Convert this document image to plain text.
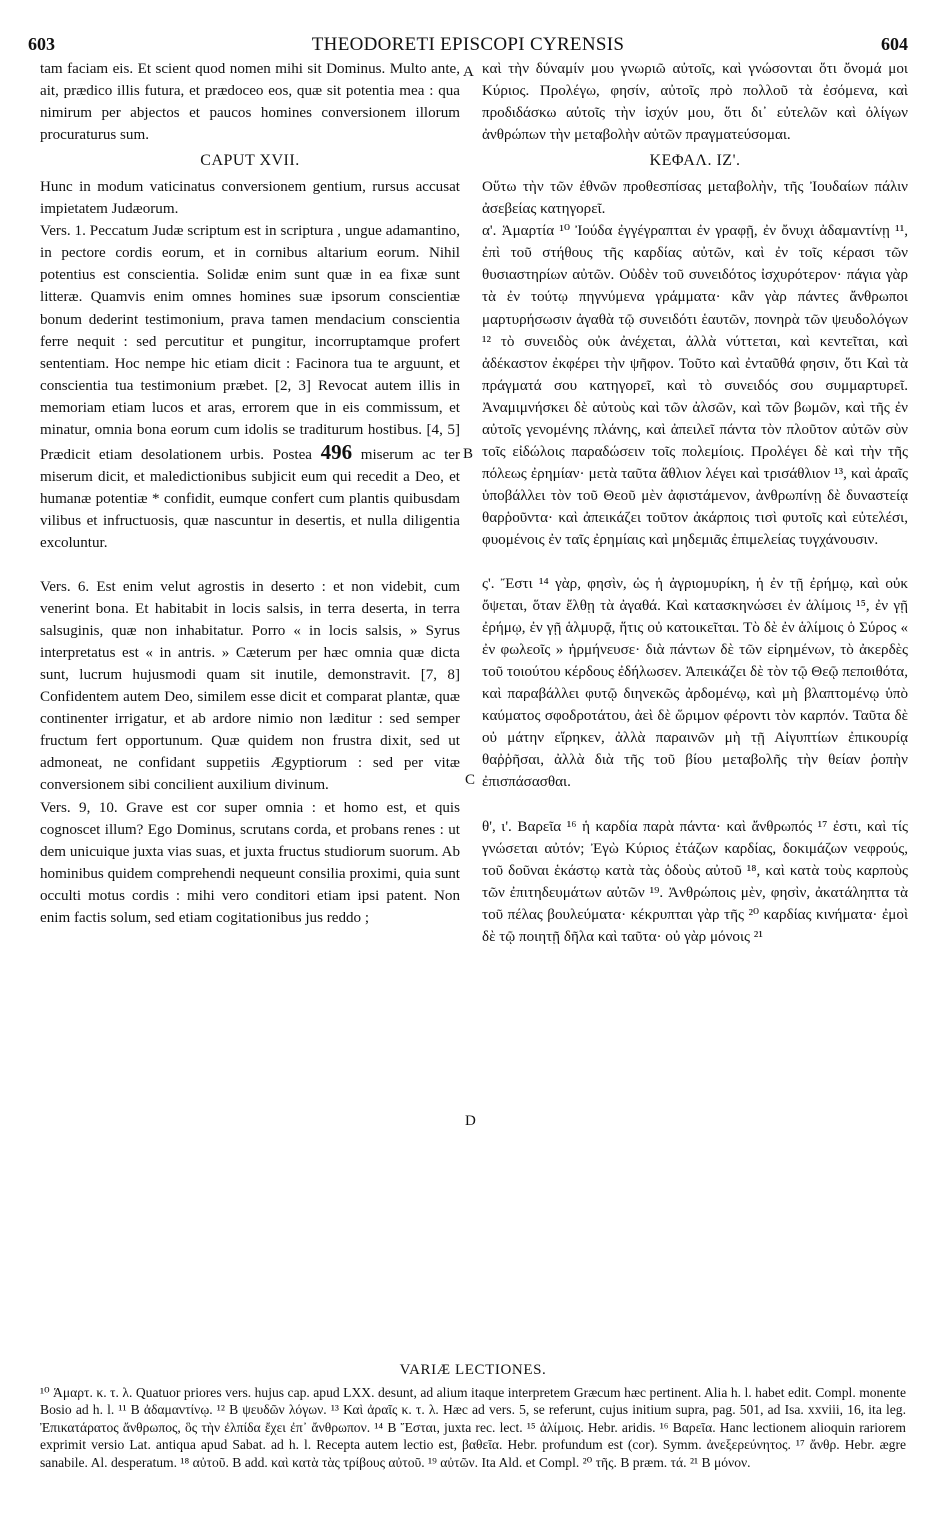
603	THEODORETI EPISCOPI CYRENSIS	604

tam faciam eis. Et scient quod nomen mihi sit Dominus. Multo ante, ait, prædico illis futura, et prædoceo eos, quæ sit potentia mea : qua nimirum per abjectos et paucos homines conversionem illorum procuraturus sum.

CAPUT XVII.

Hunc in modum vaticinatus conversionem gentium, rursus accusat impietatem Judæorum.

Vers. 1. Peccatum Judæ scriptum est in scriptura , ungue adamantino, in pectore cordis eorum, et in cornibus altarium eorum. Nihil potentius est conscientia. Solidæ enim sunt quæ in ea fixæ sunt litteræ. Quamvis enim omnes homines suæ ipsorum conscientiæ bonum dederint testimonium, prava tamen mendacium conscientia ferre nequit : sed percutitur et pungitur, incorruptamque profert sententiam. Hoc nempe hic etiam dicit : Facinora tua te arguunt, et conscientia tua testimonium præbet. [2, 3] Revocat autem illis in memoriam etiam lucos et aras, errorem que in eis commissum, et minatur, omnia bona eorum cum idolis se traditurum hostibus. [4, 5] Prædicit etiam desolationem urbis. Postea 496 miserum ac ter miserum dicit, et maledictionibus subjicit eum qui recedit a Deo, et humanæ potentiæ * confidit, eumque confert cum plantis quibusdam vilibus et infructuosis, quæ nascuntur in desertis, et nulla diligentia excoluntur.

Vers. 6. Est enim velut agrostis in deserto : et non videbit, cum venerint bona. Et habitabit in locis salsis, in terra deserta, in terra salsuginis, quæ non inhabitatur. Porro « in locis salsis, » Syrus interpretatus est « in antris. » Cæterum per hæc omnia quæ dicta sunt, lucrum hujusmodi quam sit inutile, demonstravit. [7, 8] Confidentem autem Deo, similem esse dicit et comparat plantæ, quæ continenter irrigatur, et ab ardore nimio non læditur : sed semper fructum fert opportunum. Quæ quidem non frustra dixit, sed ut admoneat, ne confidant suppetiis Ægyptiorum : sed per vitæ conversionem sibi concilient auxilium divinum.

Vers. 9, 10. Grave est cor super omnia : et homo est, et quis cognoscet illum? Ego Dominus, scrutans corda, et probans renes : ut dem unicuique juxta vias suas, et juxta fructus studiorum suorum. Ab hominibus quidem comprehendi nequeunt consilia proximi, quia sunt occulti motus cordis : mihi vero conditori etiam ipsi patent. Non enim factis solum, sed etiam cogitationibus jus reddo ;

A
B
C
D

καὶ τὴν δύναμίν μου γνωριῶ αὐτοῖς, καὶ γνώσονται ὅτι ὄνομά μοι Κύριος. Προλέγω, φησίν, αὐτοῖς πρὸ πολλοῦ τὰ ἐσόμενα, καὶ προδιδάσκω αὐτοῖς τὴν ἰσχύν μου, ὅτι δι᾽ εὐτελῶν καὶ ὀλίγων ἀνθρώπων τὴν μεταβολὴν αὐτῶν πραγματεύσομαι.

ΚΕΦΑΛ. ΙΖ'.

Οὕτω τὴν τῶν ἐθνῶν προθεσπίσας μεταβολὴν, τῆς Ἰουδαίων πάλιν ἀσεβείας κατηγορεῖ.

α'. Ἁμαρτία ¹⁰ Ἰούδα ἐγγέγραπται ἐν γραφῇ, ἐν ὄνυχι ἀδαμαντίνῃ ¹¹, ἐπὶ τοῦ στήθους τῆς καρδίας αὐτῶν, καὶ ἐν τοῖς κέρασι τῶν θυσιαστηρίων αὐτῶν. Οὐδὲν τοῦ συνειδότος ἰσχυρότερον· πάγια γὰρ τὰ ἐν τούτῳ πηγνύμενα γράμματα· κἂν γὰρ πάντες ἄνθρωποι μαρτυρήσωσιν ἀγαθὰ τῷ συνειδότι ἑαυτῶν, πονηρὰ τῶν ψευδολόγων ¹² τὸ συνειδὸς οὐκ ἀνέχεται, ἀλλὰ νύττεται, καὶ κεντεῖται, καὶ ἀδέκαστον ἐκφέρει τὴν ψῆφον. Τοῦτο καὶ ἐνταῦθά φησιν, ὅτι Καὶ τὰ πράγματά σου κατηγορεῖ, καὶ τὸ συνειδός σου συμμαρτυρεῖ. Ἀναμιμνήσκει δὲ αὐτοὺς καὶ τῶν ἀλσῶν, καὶ τῶν βωμῶν, καὶ τῆς ἐν αὐτοῖς γενομένης πλάνης, καὶ ἀπειλεῖ πάντα τὸν πλοῦτον αὐτῶν σὺν τοῖς εἰδώλοις παραδώσειν τοῖς πολεμίοις. Προλέγει δὲ καὶ τὴν τῆς πόλεως ἐρημίαν· μετὰ ταῦτα ἄθλιον λέγει καὶ τρισάθλιον ¹³, καὶ ἀραῖς ὑποβάλλει τὸν τοῦ Θεοῦ μὲν ἀφιστάμενον, ἀνθρωπίνῃ δὲ δυναστείᾳ θαρῥοῦντα· καὶ ἀπεικάζει τοῦτον ἀκάρποις τισὶ φυτοῖς καὶ εὐτελέσι, φυομένοις ἐν ταῖς ἐρημίαις καὶ μηδεμιᾶς ἐπιμελείας τυγχάνουσιν.

ς'. Ἔστι ¹⁴ γὰρ, φησὶν, ὡς ἡ ἀγριομυρίκη, ἡ ἐν τῇ ἐρήμῳ, καὶ οὐκ ὄψεται, ὅταν ἔλθῃ τὰ ἀγαθά. Καὶ κατασκηνώσει ἐν ἁλίμοις ¹⁵, ἐν γῇ ἐρήμῳ, ἐν γῇ ἁλμυρᾷ, ἥτις οὐ κατοικεῖται. Τὸ δὲ ἐν ἁλίμοις ὁ Σύρος « ἐν φωλεοῖς » ἡρμήνευσε· διὰ πάντων δὲ τῶν εἰρημένων, τὸ ἀκερδὲς τοῦ τοιούτου κέρδους ἐδήλωσεν. Ἀπεικάζει δὲ τὸν τῷ Θεῷ πεποιθότα, καὶ παραβάλλει φυτῷ διηνεκῶς ἀρδομένῳ, καὶ μὴ βλαπτομένῳ ὑπὸ καύματος σφοδροτάτου, ἀεὶ δὲ ὥριμον φέροντι τὸν καρπόν. Ταῦτα δὲ οὐ μάτην εἴρηκεν, ἀλλὰ παραινῶν μὴ τῇ Αἰγυπτίων ἐπικουρίᾳ θαῤῥῆσαι, ἀλλὰ διὰ τῆς τοῦ βίου μεταβολῆς τὴν θείαν ῥοπὴν ἐπισπάσασθαι.

θ', ι'. Βαρεῖα ¹⁶ ἡ καρδία παρὰ πάντα· καὶ ἄνθρωπός ¹⁷ ἐστι, καὶ τίς γνώσεται αὐτόν; Ἐγὼ Κύριος ἐτάζων καρδίας, δοκιμάζων νεφρούς, τοῦ δοῦναι ἑκάστῳ κατὰ τὰς ὁδοὺς αὐτοῦ ¹⁸, καὶ κατὰ τοὺς καρποὺς τῶν ἐπιτηδευμάτων αὐτῶν ¹⁹. Ἀνθρώποις μὲν, φησὶν, ἀκατάληπτα τὰ τοῦ πέλας βουλεύματα· κέκρυπται γὰρ τῆς ²⁰ καρδίας κινήματα· ἐμοὶ δὲ τῷ ποιητῇ δῆλα καὶ ταῦτα· οὐ γὰρ μόνοις ²¹

VARIÆ LECTIONES.

¹⁰ Ἁμαρτ. κ. τ. λ. Quatuor priores vers. hujus cap. apud LXX. desunt, ad alium itaque interpretem Græcum hæc pertinent. Alia h. l. habet edit. Compl. monente Bosio ad h. l. ¹¹ B ἀδαμαντίνῳ. ¹² B ψευδῶν λόγων. ¹³ Καὶ ἀραῖς κ. τ. λ. Hæc ad vers. 5, se referunt, cujus initium supra, pag. 501, ad Isa. xxviii, 16, ita leg. Ἐπικατάρατος ἄνθρωπος, ὃς τὴν ἐλπίδα ἔχει ἐπ᾽ ἄνθρωπον. ¹⁴ B Ἔσται, juxta rec. lect. ¹⁵ ἀλίμοις. Hebr. aridis. ¹⁶ Βαρεῖα. Hanc lectionem alioquin rariorem exprimit versio Lat. antiqua apud Sabat. ad h. l. Recepta autem lectio est, βαθεῖα. Hebr. profundum est (cor). Symm. ἀνεξερεύνητος. ¹⁷ ἄνθρ. Hebr. ægre sanabile. Al. desperatum. ¹⁸ αὐτοῦ. B add. καὶ κατὰ τὰς τρίβους αὐτοῦ. ¹⁹ αὐτῶν. Ita Ald. et Compl. ²⁰ τῆς. B præm. τά. ²¹ B μόνον.
